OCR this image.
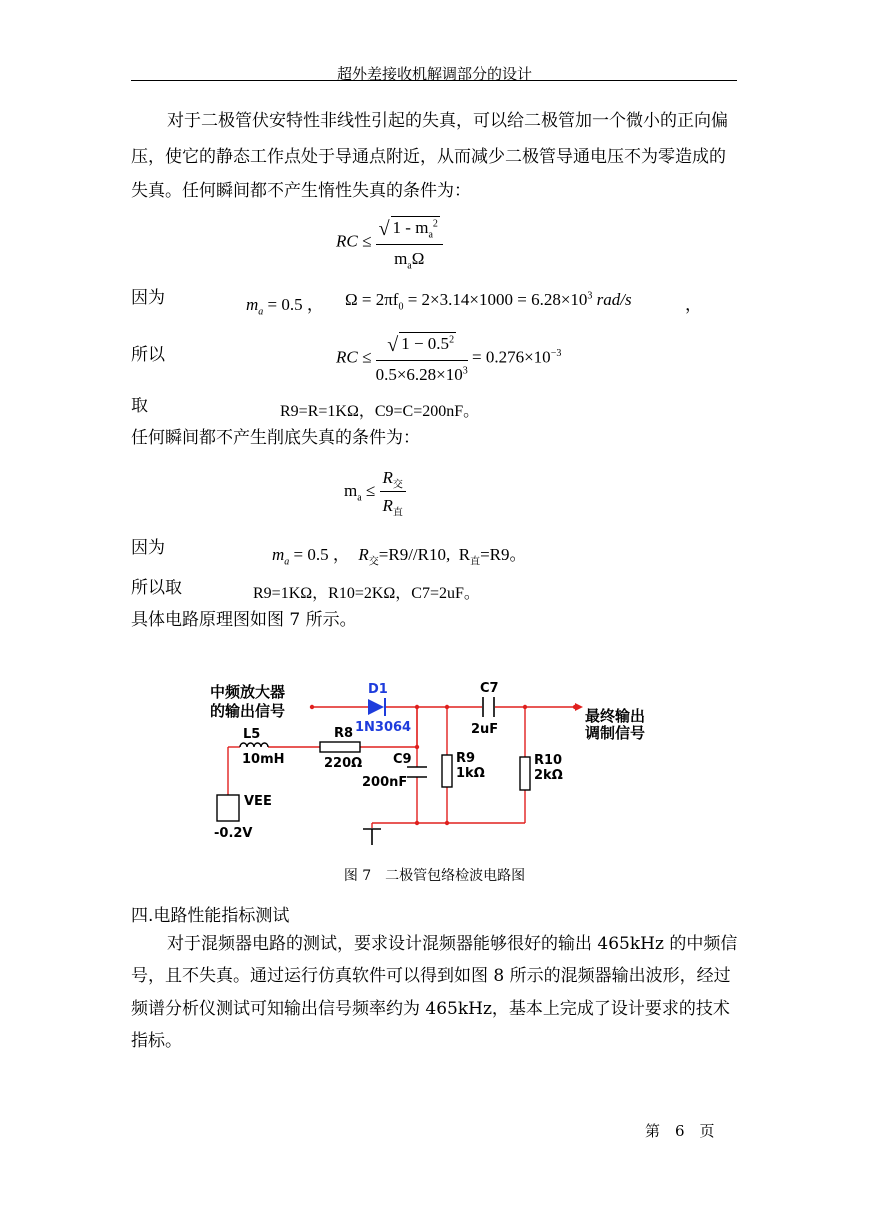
超外差接收机解调部分的设计
对于二极管伏安特性非线性引起的失真，可以给二极管加一个微小的正向偏
压，使它的静态工作点处于导通点附近，从而减少二极管导通电压不为零造成的
失真。任何瞬间都不产生惰性失真的条件为：
RC ≤ $\frac{√ 1 - m_a^2}{m_a\Omega}$
因为	$m_a = 0.5$ ， $\Omega = 2\pi f_0 = 2\times 3.14\times 1000 = 6.28\times 10^3$ rad/s	，
所以	RC ≤ $\frac{√ 1 - 0.5^2}{0.5\times 6.28\times 10^3} = 0.276\times 10^{-3}$
取	R9=R=1KΩ，C9=C=200nF。
任何瞬间都不产生削底失真的条件为：
$m_a \le \frac{R_交}{R_直}$
因为	$m_a = 0.5$ ， $R_交=R9//R10$, $R_直=R9$。
所以取	R9=1KΩ，R10=2KΩ，C7=2uF。
具体电路原理图如图 7 所示。
中频放大器
的输出信号	最终输出
调制信号
D1
1N3064
C7
2uF
L5
10mH
R8
220Ω C9
200nF
R9
1kΩ
R10
2kΩ
VEE
-0.2V
图 7　二极管包络检波电路图
四.电路性能指标测试
对于混频器电路的测试，要求设计混频器能够很好的输出 465kHz 的中频信
号，且不失真。通过运行仿真软件可以得到如图 8 所示的混频器输出波形，经过
频谱分析仪测试可知输出信号频率约为 465kHz，基本上完成了设计要求的技术
指标。
第　6　页
